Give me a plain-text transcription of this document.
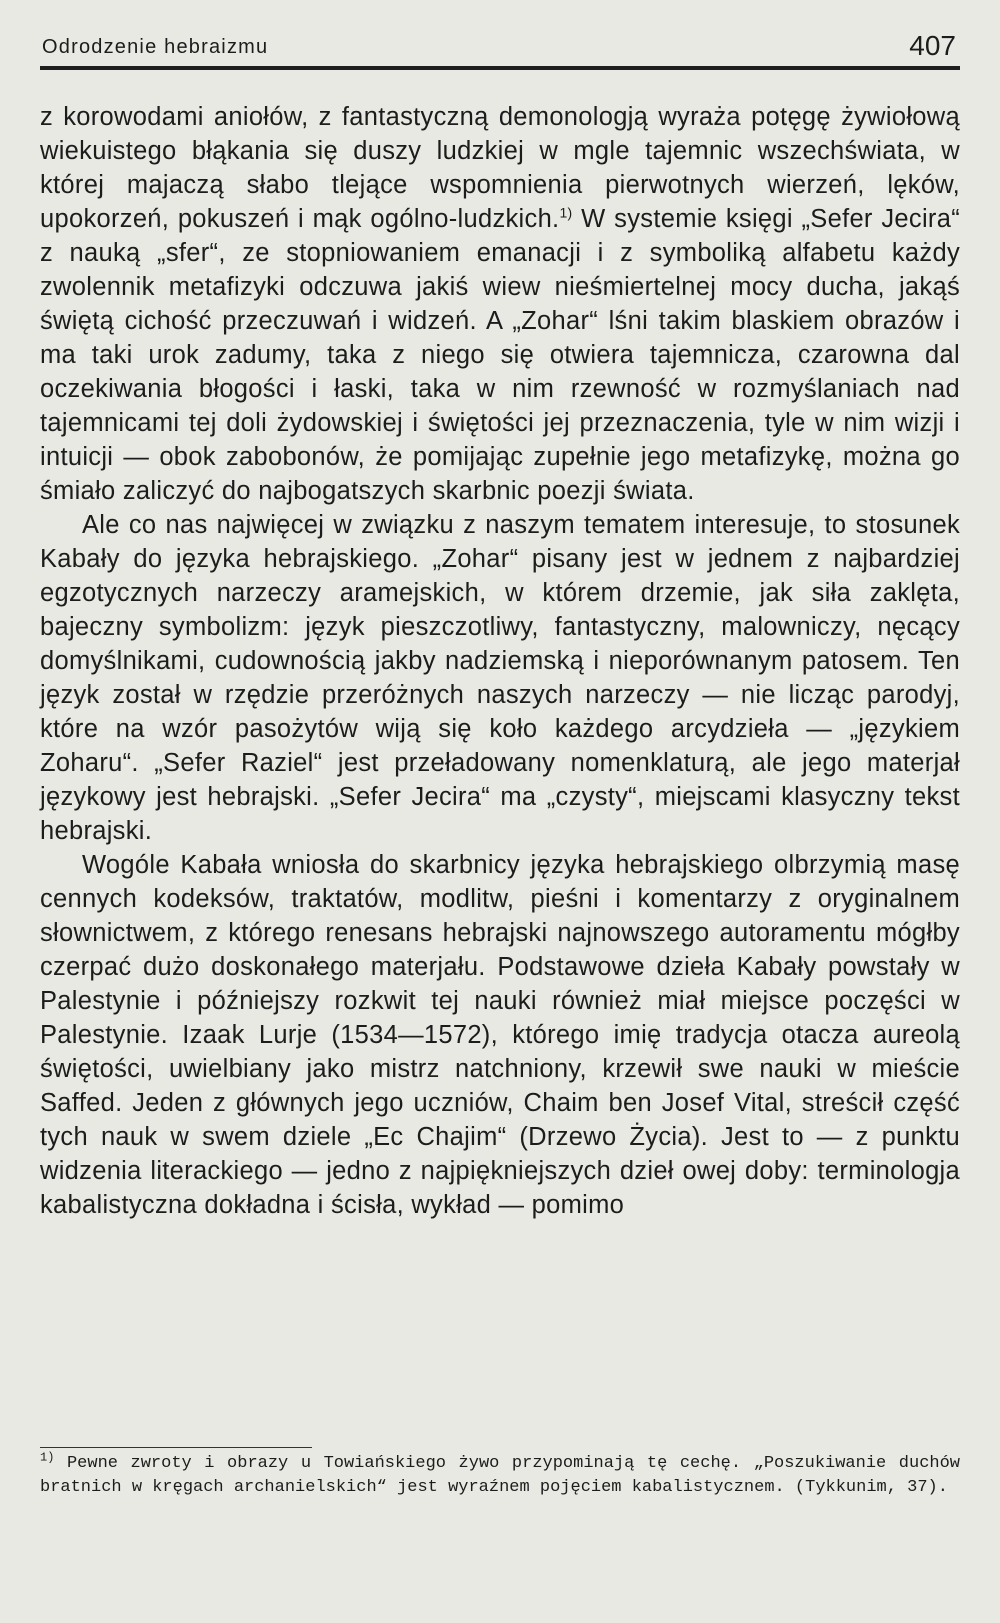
Odrodzenie hebraizmu	407

z korowodami aniołów, z fantastyczną demonologją wyraża potęgę żywiołową wiekuistego błąkania się duszy ludzkiej w mgle tajemnic wszechświata, w której majaczą słabo tlejące wspomnienia pierwotnych wierzeń, lęków, upokorzeń, pokuszeń i mąk ogólno-ludzkich.$^{1)}$ W systemie księgi „Sefer Jecira“ z nauką „sfer“, ze stopniowaniem emanacji i z symboliką alfabetu każdy zwolennik metafizyki odczuwa jakiś wiew nieśmiertelnej mocy ducha, jakąś świętą cichość przeczuwań i widzeń. A „Zohar“ lśni takim blaskiem obrazów i ma taki urok zadumy, taka z niego się otwiera tajemnicza, czarowna dal oczekiwania błogości i łaski, taka w nim rzewność w rozmyślaniach nad tajemnicami tej doli żydowskiej i świętości jej przeznaczenia, tyle w nim wizji i intuicji — obok zabobonów, że pomijając zupełnie jego metafizykę, można go śmiało zaliczyć do najbogatszych skarbnic poezji świata.

Ale co nas najwięcej w związku z naszym tematem interesuje, to stosunek Kabały do języka hebrajskiego. „Zohar“ pisany jest w jednem z najbardziej egzotycznych narzeczy aramejskich, w którem drzemie, jak siła zaklęta, bajeczny symbolizm: język pieszczotliwy, fantastyczny, malowniczy, nęcący domyślnikami, cudownością jakby nadziemską i nieporównanym patosem. Ten język został w rzędzie przeróżnych naszych narzeczy — nie licząc parodyj, które na wzór pasożytów wiją się koło każdego arcydzieła — „językiem Zoharu“. „Sefer Raziel“ jest przeładowany nomenklaturą, ale jego materjał językowy jest hebrajski. „Sefer Jecira“ ma „czysty“, miejscami klasyczny tekst hebrajski.

Wogóle Kabała wniosła do skarbnicy języka hebrajskiego olbrzymią masę cennych kodeksów, traktatów, modlitw, pieśni i komentarzy z oryginalnem słownictwem, z którego renesans hebrajski najnowszego autoramentu mógłby czerpać dużo doskonałego materjału. Podstawowe dzieła Kabały powstały w Palestynie i późniejszy rozkwit tej nauki również miał miejsce poczęści w Palestynie. Izaak Lurje (1534—1572), którego imię tradycja otacza aureolą świętości, uwielbiany jako mistrz natchniony, krzewił swe nauki w mieście Saffed. Jeden z głównych jego uczniów, Chaim ben Josef Vital, streścił część tych nauk w swem dziele „Ec Chajim“ (Drzewo Życia). Jest to — z punktu widzenia literackiego — jedno z najpiękniejszych dzieł owej doby: terminologja kabalistyczna dokładna i ścisła, wykład — pomimo

$^{1)}$ Pewne zwroty i obrazy u Towiańskiego żywo przypominają tę cechę. „Poszukiwanie duchów bratnich w kręgach archanielskich“ jest wyraźnem pojęciem kabalistycznem. (Tykkunim, 37).
